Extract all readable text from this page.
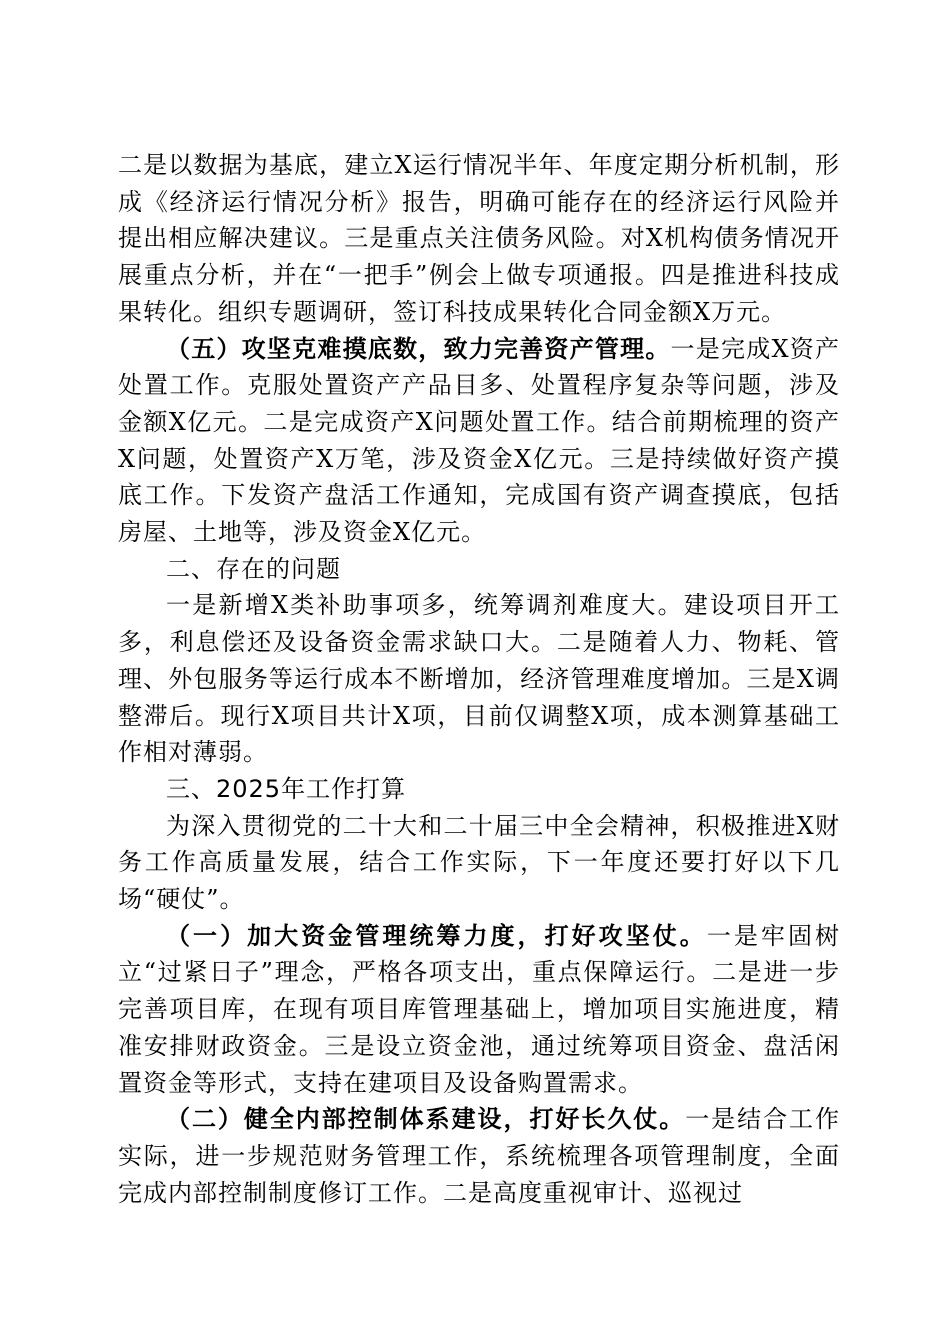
二是以数据为基底，建立X运行情况半年、年度定期分析机制，形成《经济运行情况分析》报告，明确可能存在的经济运行风险并提出相应解决建议。三是重点关注债务风险。对X机构债务情况开展重点分析，并在“一把手”例会上做专项通报。四是推进科技成果转化。组织专题调研，签订科技成果转化合同金额X万元。

（五）攻坚克难摸底数，致力完善资产管理。一是完成X资产处置工作。克服处置资产产品目多、处置程序复杂等问题，涉及金额X亿元。二是完成资产X问题处置工作。结合前期梳理的资产X问题，处置资产X万笔，涉及资金X亿元。三是持续做好资产摸底工作。下发资产盘活工作通知，完成国有资产调查摸底，包括房屋、土地等，涉及资金X亿元。

二、存在的问题

一是新增X类补助事项多，统筹调剂难度大。建设项目开工多，利息偿还及设备资金需求缺口大。二是随着人力、物耗、管理、外包服务等运行成本不断增加，经济管理难度增加。三是X调整滞后。现行X项目共计X项，目前仅调整X项，成本测算基础工作相对薄弱。

三、2025年工作打算

为深入贯彻党的二十大和二十届三中全会精神，积极推进X财务工作高质量发展，结合工作实际，下一年度还要打好以下几场“硬仗”。

（一）加大资金管理统筹力度，打好攻坚仗。一是牢固树立“过紧日子”理念，严格各项支出，重点保障运行。二是进一步完善项目库，在现有项目库管理基础上，增加项目实施进度，精准安排财政资金。三是设立资金池，通过统筹项目资金、盘活闲置资金等形式，支持在建项目及设备购置需求。

（二）健全内部控制体系建设，打好长久仗。一是结合工作实际，进一步规范财务管理工作，系统梳理各项管理制度，全面完成内部控制制度修订工作。二是高度重视审计、巡视过
